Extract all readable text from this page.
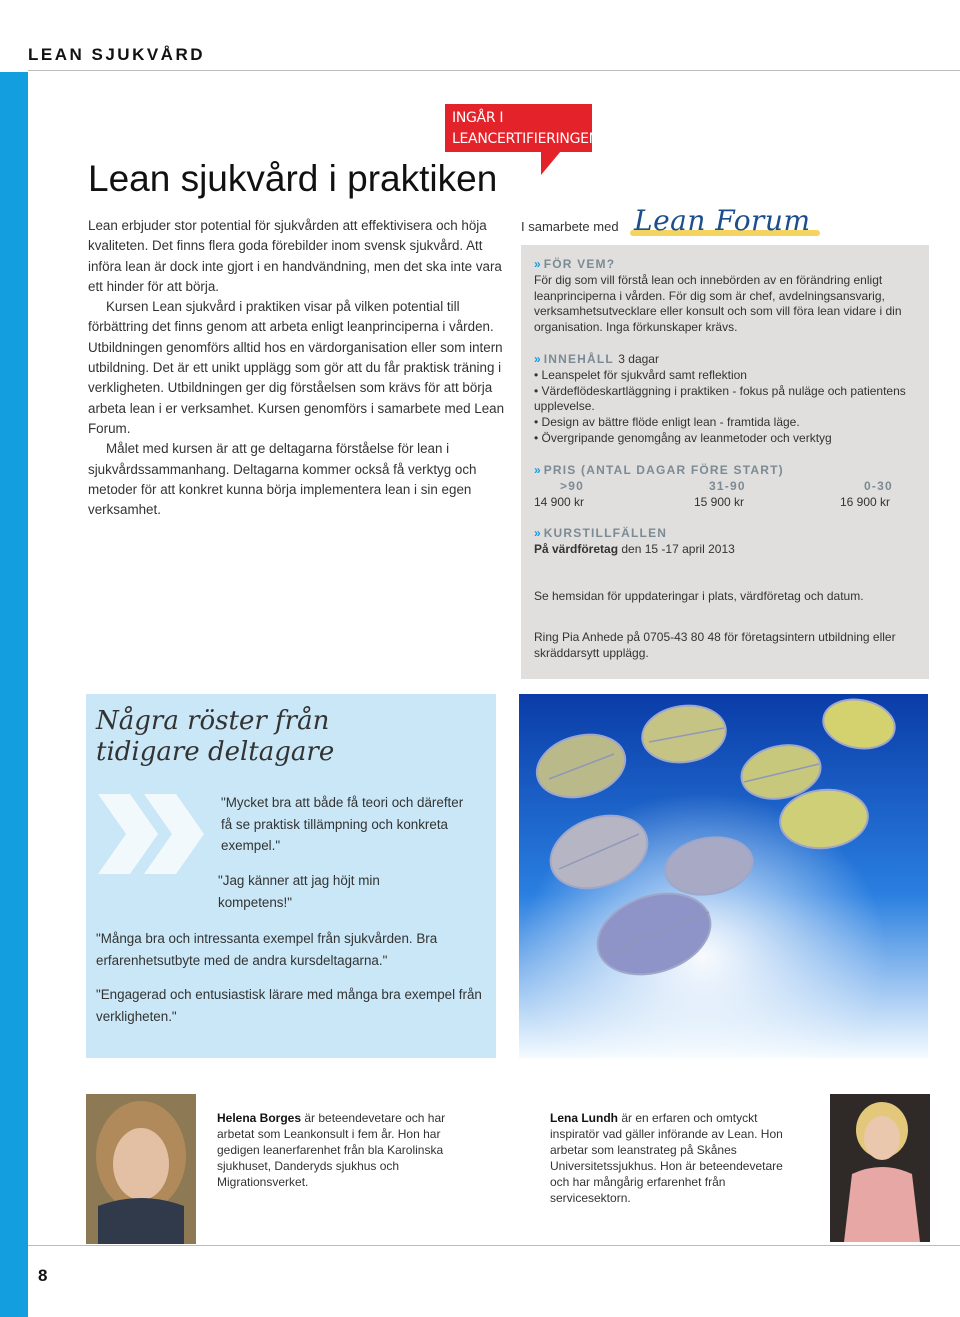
LEAN SJUKVÅRD
INGÅR I
LEANCERTIFIERINGEN
Lean sjukvård i praktiken

Lean erbjuder stor potential för sjukvården att effektivisera och höja kvaliteten. Det finns flera goda förebilder inom svensk sjukvård. Att införa lean är dock inte gjort i en handvändning, men det ska inte vara ett hinder för att börja.

Kursen Lean sjukvård i praktiken visar på vilken potential till förbättring det finns genom att arbeta enligt leanprinciperna i vården. Utbildningen genomförs alltid hos en värdorganisation eller som intern utbildning. Det är ett unikt upplägg som gör att du får praktisk träning i verkligheten. Utbildningen ger dig förståelsen som krävs för att börja arbeta lean i er verksamhet. Kursen genomförs i samarbete med Lean Forum.

Målet med kursen är att ge deltagarna förståelse för lean i sjukvårdssammanhang. Deltagarna kommer också få verktyg och metoder för att konkret kunna börja implementera lean i sin egen verksamhet.

I samarbete med Lean Forum
» FÖR VEM?

För dig som vill förstå lean och innebörden av en förändring enligt leanprinciperna i vården. För dig som är chef, avdelningsansvarig, verksamhetsutvecklare eller konsult och som vill föra lean vidare i din organisation. Inga förkunskaper krävs.

» INNEHÅLL 3 dagar
• Leanspelet för sjukvård samt reflektion
• Värdeflödeskartläggning i praktiken - fokus på nuläge och patientens upplevelse.
• Design av bättre flöde enligt lean - framtida läge.
• Övergripande genomgång av leanmetoder och verktyg
» PRIS (ANTAL DAGAR FÖRE START)
>90	31-90	0-30
14 900 kr	15 900 kr	16 900 kr
» KURSTILLFÄLLEN

På värdföretag den 15 -17 april 2013

Se hemsidan för uppdateringar i plats, värdföretag och datum.

Ring Pia Anhede på 0705-43 80 48 för företagsintern utbildning eller skräddarsytt upplägg.

Några röster från tidigare deltagare

"Mycket bra att både få teori och därefter få se praktisk tillämpning och konkreta exempel."

"Jag känner att jag höjt min kompetens!"

"Många bra och intressanta exempel från sjukvården. Bra erfarenhetsutbyte med de andra kursdeltagarna."

"Engagerad och entusiastisk lärare med många bra exempel från verkligheten."

Helena Borges är beteendevetare och har arbetat som Leankonsult i fem år. Hon har gedigen leanerfarenhet från bla Karolinska sjukhuset, Danderyds sjukhus och Migrationsverket.

Lena Lundh är en erfaren och omtyckt inspiratör vad gäller införande av Lean. Hon arbetar som leanstrateg på Skånes Universitetssjukhus. Hon är beteendevetare och har mångårig erfarenhet från servicesektorn.

8
